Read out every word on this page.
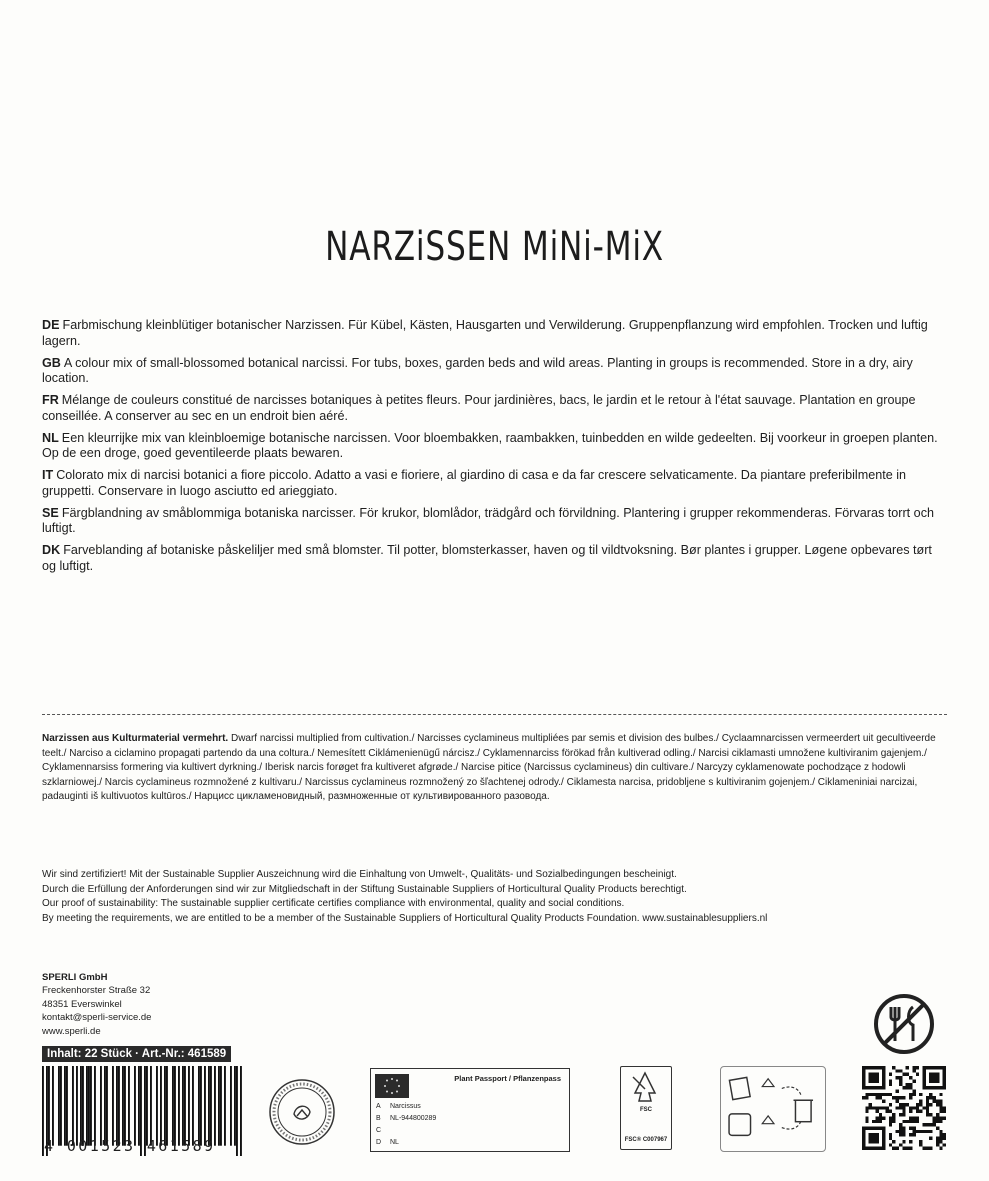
NARZiSSEN MiNi-MiX

DE Farbmischung kleinblütiger botanischer Narzissen. Für Kübel, Kästen, Hausgarten und Verwilderung. Gruppenpflanzung wird empfohlen. Trocken und luftig lagern.

GB A colour mix of small-blossomed botanical narcissi. For tubs, boxes, garden beds and wild areas. Planting in groups is recommended. Store in a dry, airy location.

FR Mélange de couleurs constitué de narcisses botaniques à petites fleurs. Pour jardinières, bacs, le jardin et le retour à l'état sauvage. Plantation en groupe conseillée. A conserver au sec en un endroit bien aéré.

NL Een kleurrijke mix van kleinbloemige botanische narcissen. Voor bloembakken, raambakken, tuinbedden en wilde gedeelten. Bij voorkeur in groepen planten. Op de een droge, goed geventileerde plaats bewaren.

IT Colorato mix di narcisi botanici a fiore piccolo. Adatto a vasi e fioriere, al giardino di casa e da far crescere selvaticamente. Da piantare preferibilmente in gruppetti. Conservare in luogo asciutto ed arieggiato.

SE Färgblandning av småblommiga botaniska narcisser. För krukor, blomlådor, trädgård och förvildning. Plantering i grupper rekommenderas. Förvaras torrt och luftigt.

DK Farveblanding af botaniske påskeliljer med små blomster. Til potter, blomsterkasser, haven og til vildtvoksning. Bør plantes i grupper. Løgene opbevares tørt og luftigt.

Narzissen aus Kulturmaterial vermehrt. Dwarf narcissi multiplied from cultivation./ Narcisses cyclamineus multipliées par semis et division des bulbes./ Cyclaamnarcissen vermeerdert uit gecultiveerde teelt./ Narciso a ciclamino propagati partendo da una coltura./ Nemesített Ciklámenienügű nárcisz./ Cyklamennarciss förökad från kultiverad odling./ Narcisi ciklamasti umnožene kultiviranim gajenjem./ Cyklamennarsiss formering via kultivert dyrkning./ Iberisk narcis forøget fra kultiveret afgrøde./ Narcise pitice (Narcissus cyclamineus) din cultivare./ Narcyzy cyklamenowate pochodzące z hodowli szklarniowej./ Narcis cyclamineus rozmnožené z kultivaru./ Narcissus cyclamineus rozmnožený zo šľachtenej odrody./ Ciklamesta narcisa, pridobljene s kultiviranim gojenjem./ Ciklameniniai narcizai, padauginti iš kultivuotos kultūros./ Нарцисс цикламеновидный, размноженные от культивированного разовода.
Wir sind zertifiziert! Mit der Sustainable Supplier Auszeichnung wird die Einhaltung von Umwelt-, Qualitäts- und Sozialbedingungen bescheinigt.
Durch die Erfüllung der Anforderungen sind wir zur Mitgliedschaft in der Stiftung Sustainable Suppliers of Horticultural Quality Products berechtigt.
Our proof of sustainability: The sustainable supplier certificate certifies compliance with environmental, quality and social conditions.
By meeting the requirements, we are entitled to be a member of the Sustainable Suppliers of Horticultural Quality Products Foundation. www.sustainablesuppliers.nl
SPERLI GmbH
Freckenhorster Straße 32
48351 Everswinkel
kontakt@sperli-service.de
www.sperli.de
Inhalt: 22 Stück · Art.-Nr.: 461589
4 001523 461589
Plant Passport / Pflanzenpass
A Narcissus
B NL-944800289
C
D NL
FSC
FSC® C007967
